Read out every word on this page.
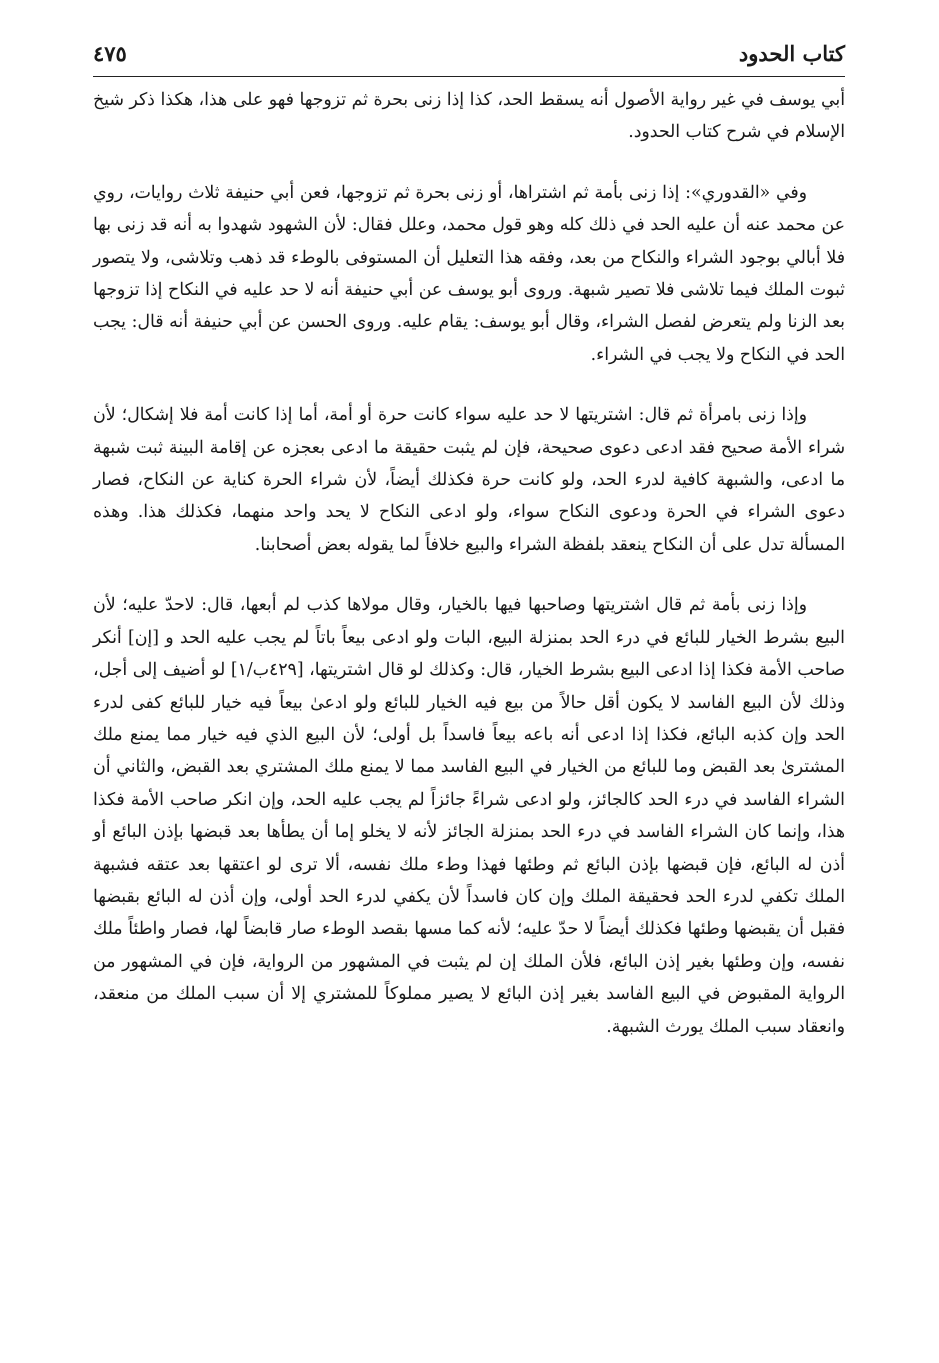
كتاب الحدود
٤٧٥

أبي يوسف في غير رواية الأصول أنه يسقط الحد، كذا إذا زنى بحرة ثم تزوجها فهو على هذا، هكذا ذكر شيخ الإسلام في شرح كتاب الحدود.

وفي «القدوري»: إذا زنى بأمة ثم اشتراها، أو زنى بحرة ثم تزوجها، فعن أبي حنيفة ثلاث روايات، روي عن محمد عنه أن عليه الحد في ذلك كله وهو قول محمد، وعلل فقال: لأن الشهود شهدوا به أنه قد زنى بها فلا أبالي بوجود الشراء والنكاح من بعد، وفقه هذا التعليل أن المستوفى بالوطء قد ذهب وتلاشى، ولا يتصور ثبوت الملك فيما تلاشى فلا تصير شبهة. وروى أبو يوسف عن أبي حنيفة أنه لا حد عليه في النكاح إذا تزوجها بعد الزنا ولم يتعرض لفصل الشراء، وقال أبو يوسف: يقام عليه. وروى الحسن عن أبي حنيفة أنه قال: يجب الحد في النكاح ولا يجب في الشراء.

وإذا زنى بامرأة ثم قال: اشتريتها لا حد عليه سواء كانت حرة أو أمة، أما إذا كانت أمة فلا إشكال؛ لأن شراء الأمة صحيح فقد ادعى دعوى صحيحة، فإن لم يثبت حقيقة ما ادعى بعجزه عن إقامة البينة ثبت شبهة ما ادعى، والشبهة كافية لدرء الحد، ولو كانت حرة فكذلك أيضاً، لأن شراء الحرة كناية عن النكاح، فصار دعوى الشراء في الحرة ودعوى النكاح سواء، ولو ادعى النكاح لا يحد واحد منهما، فكذلك هذا. وهذه المسألة تدل على أن النكاح ينعقد بلفظة الشراء والبيع خلافاً لما يقوله بعض أصحابنا.

وإذا زنى بأمة ثم قال اشتريتها وصاحبها فيها بالخيار، وقال مولاها كذب لم أبعها، قال: لاحدّ عليه؛ لأن البيع بشرط الخيار للبائع في درء الحد بمنزلة البيع، البات ولو ادعى بيعاً باتاً لم يجب عليه الحد و [إن] أنكر صاحب الأمة فكذا إذا ادعى البيع بشرط الخيار، قال: وكذلك لو قال اشتريتها، [٤٢٩ب/١] لو أضيف إلى أجل، وذلك لأن البيع الفاسد لا يكون أقل حالاً من بيع فيه الخيار للبائع ولو ادعىٰ بيعاً فيه خيار للبائع كفى لدرء الحد وإن كذبه البائع، فكذا إذا ادعى أنه باعه بيعاً فاسداً بل أولى؛ لأن البيع الذي فيه خيار مما يمنع ملك المشترىٰ بعد القبض وما للبائع من الخيار في البيع الفاسد مما لا يمنع ملك المشتري بعد القبض، والثاني أن الشراء الفاسد في درء الحد كالجائز، ولو ادعى شراءً جائزاً لم يجب عليه الحد، وإن انكر صاحب الأمة فكذا هذا، وإنما كان الشراء الفاسد في درء الحد بمنزلة الجائز لأنه لا يخلو إما أن يطأها بعد قبضها بإذن البائع أو أذن له البائع، فإن قبضها بإذن البائع ثم وطئها فهذا وطء ملك نفسه، ألا ترى لو اعتقها بعد عتقه فشبهة الملك تكفي لدرء الحد فحقيقة الملك وإن كان فاسداً لأن يكفي لدرء الحد أولى، وإن أذن له البائع بقبضها فقبل أن يقبضها وطئها فكذلك أيضاً لا حدّ عليه؛ لأنه كما مسها بقصد الوطء صار قابضاً لها، فصار واطئاً ملك نفسه، وإن وطئها بغير إذن البائع، فلأن الملك إن لم يثبت في المشهور من الرواية، فإن في المشهور من الرواية المقبوض في البيع الفاسد بغير إذن البائع لا يصير مملوكاً للمشتري إلا أن سبب الملك من منعقد، وانعقاد سبب الملك يورث الشبهة.
